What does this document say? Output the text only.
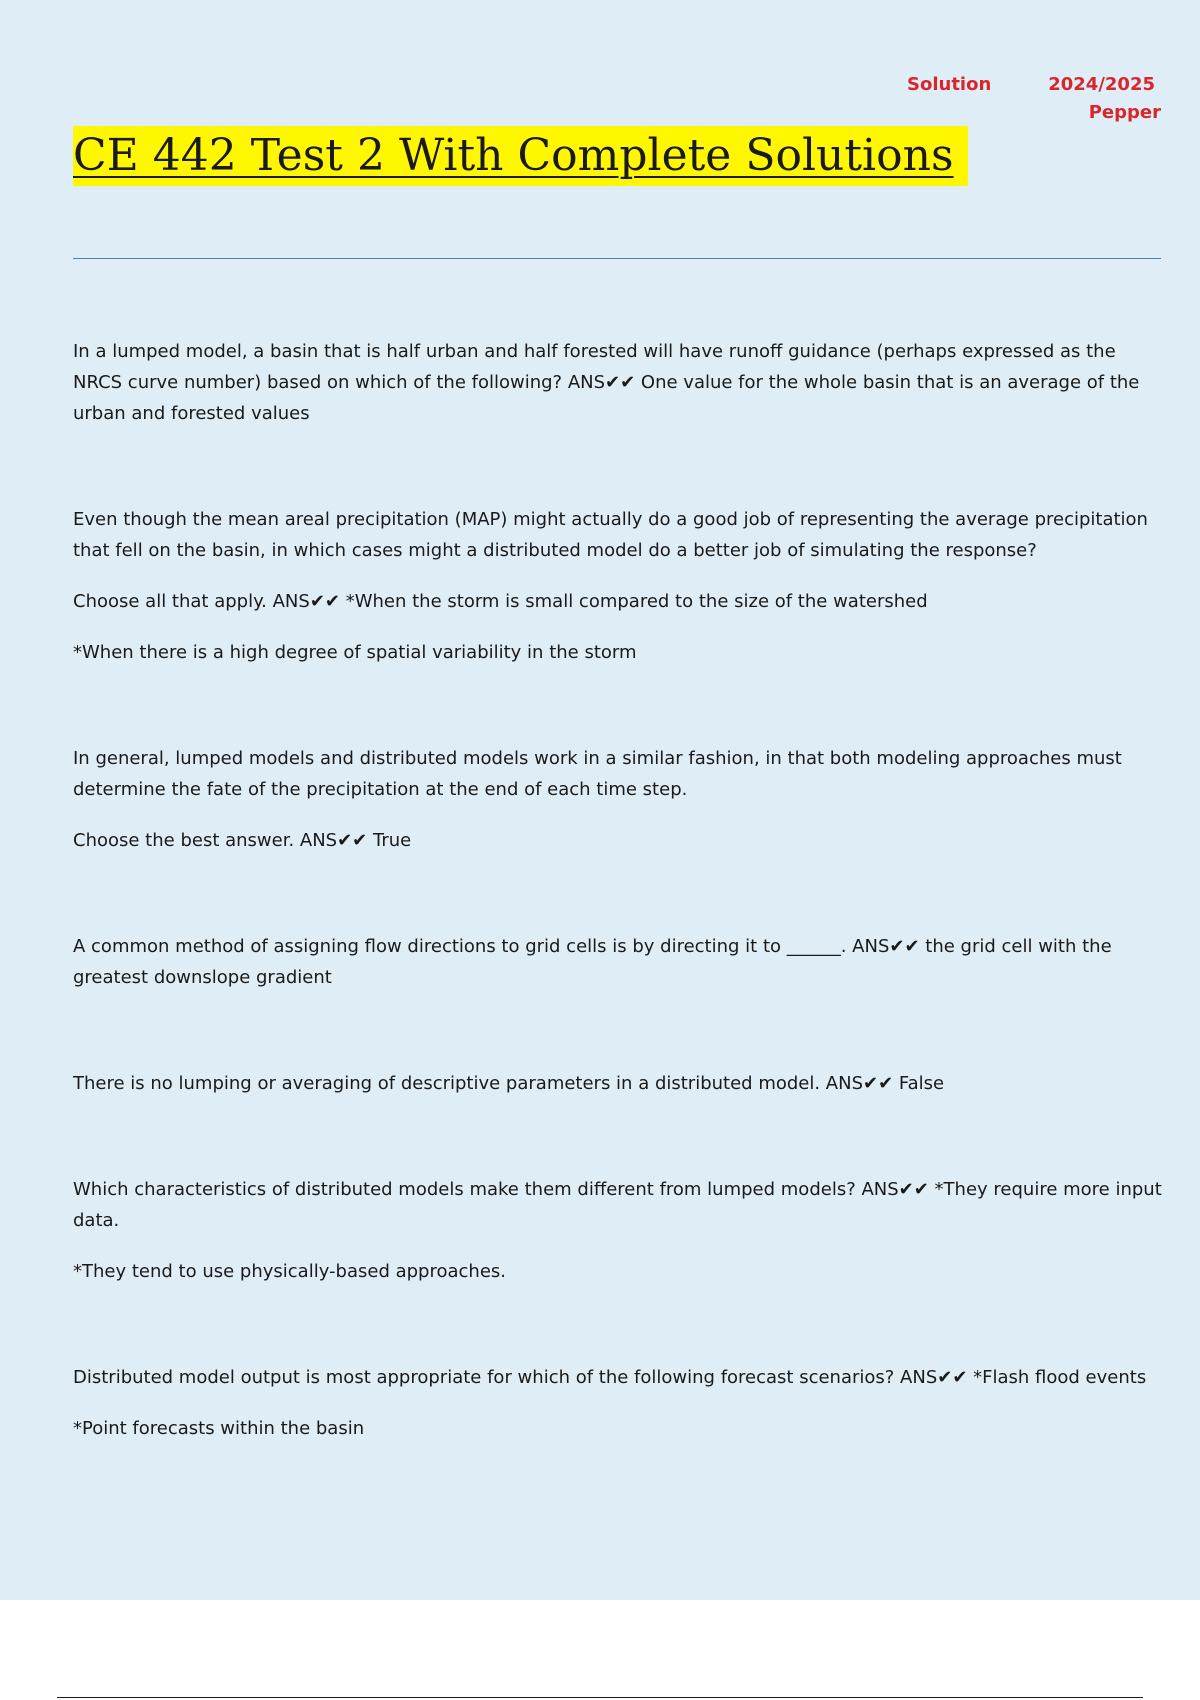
Solution	2024/2025
Pepper
CE 442 Test 2 With Complete Solutions

In a lumped model, a basin that is half urban and half forested will have runoff guidance (perhaps expressed as the NRCS curve number) based on which of the following? ANS✔✔ One value for the whole basin that is an average of the urban and forested values

Even though the mean areal precipitation (MAP) might actually do a good job of representing the average precipitation that fell on the basin, in which cases might a distributed model do a better job of simulating the response?

Choose all that apply. ANS✔✔ *When the storm is small compared to the size of the watershed

*When there is a high degree of spatial variability in the storm

In general, lumped models and distributed models work in a similar fashion, in that both modeling approaches must determine the fate of the precipitation at the end of each time step.

Choose the best answer. ANS✔✔ True

A common method of assigning flow directions to grid cells is by directing it to ______. ANS✔✔ the grid cell with the greatest downslope gradient

There is no lumping or averaging of descriptive parameters in a distributed model. ANS✔✔ False

Which characteristics of distributed models make them different from lumped models? ANS✔✔ *They require more input data.

*They tend to use physically-based approaches.

Distributed model output is most appropriate for which of the following forecast scenarios? ANS✔✔ *Flash flood events

*Point forecasts within the basin
